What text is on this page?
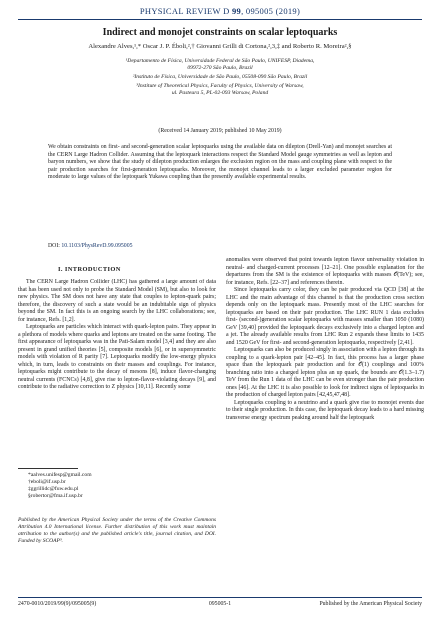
PHYSICAL REVIEW D 99, 095005 (2019)
Indirect and monojet constraints on scalar leptoquarks
Alexandre Alves,¹,* Oscar J. P. Éboli,²,† Giovanni Grilli di Cortona,²,3,‡ and Roberto R. Moreira²,§
¹Departamento de Física, Universidade Federal de São Paulo, UNIFESP, Diadema,
09972-270 São Paulo, Brazil
²Instituto de Física, Universidade de São Paulo, 05508-090 São Paulo, Brazil
³Institute of Theoretical Physics, Faculty of Physics, University of Warsaw,
ul. Pasteura 5, PL-02-093 Warsaw, Poland
(Received 14 January 2019; published 10 May 2019)
We obtain constraints on first- and second-generation scalar leptoquarks using the available data on dilepton (Drell-Yan) and monojet searches at the CERN Large Hadron Collider. Assuming that the leptoquark interactions respect the Standard Model gauge symmetries as well as lepton and baryon numbers, we show that the study of dilepton production enlarges the exclusion region on the mass and coupling plane with respect to the pair production searches for first-generation leptoquarks. Moreover, the monojet channel leads to a larger excluded parameter region for moderate to large values of the leptoquark Yukawa coupling than the presently available experimental results.
DOI: 10.1103/PhysRevD.99.095005
I. INTRODUCTION

The CERN Large Hadron Collider (LHC) has gathered a large amount of data that has been used not only to probe the Standard Model (SM), but also to look for new physics. The SM does not have any state that couples to lepton-quark pairs; therefore, the discovery of such a state would be an indubitable sign of physics beyond the SM. In fact this is an ongoing search by the LHC collaborations; see, for instance, Refs. [1,2].

Leptoquarks are particles which interact with quark-lepton pairs. They appear in a plethora of models where quarks and leptons are treated on the same footing. The first appearance of leptoquarks was in the Pati-Salam model [3,4] and they are also present in grand unified theories [5], composite models [6], or in supersymmetric models with violation of R parity [7]. Leptoquarks modify the low-energy physics which, in turn, leads to constraints on their masses and couplings. For instance, leptoquarks might contribute to the decay of mesons [8], induce flavor-changing neutral currents (FCNCs) [4,8], give rise to lepton-flavor-violating decays [9], and contribute to the radiative correction to Z physics [10,11]. Recently some

anomalies were observed that point towards lepton flavor universality violation in neutral- and charged-current processes [12–21]. One possible explanation for the departures from the SM is the existence of leptoquarks with masses 𝒪(TeV); see, for instance, Refs. [22–37] and references therein.

Since leptoquarks carry color, they can be pair produced via QCD [38] at the LHC and the main advantage of this channel is that the production cross section depends only on the leptoquark mass. Presently most of the LHC searches for leptoquarks are based on their pair production. The LHC RUN 1 data excludes first- (second-)generation scalar leptoquarks with masses smaller than 1050 (1080) GeV [39,40] provided the leptoquark decays exclusively into a charged lepton and a jet. The already available results from LHC Run 2 expands these limits to 1435 and 1520 GeV for first- and second-generation leptoquarks, respectively [2,41].

Leptoquarks can also be produced singly in association with a lepton through its coupling to a quark-lepton pair [42–45]. In fact, this process has a larger phase space than the leptoquark pair production and for 𝒪(1) couplings and 100% branching ratio into a charged lepton plus an up quark, the bounds are 𝒪(1.3–1.7) TeV from the Run 1 data of the LHC can be even stronger than the pair production ones [46]. At the LHC it is also possible to look for indirect signs of leptoquarks in the production of charged lepton pairs [42,45,47,48].

Leptoquarks coupling to a neutrino and a quark give rise to monojet events due to their single production. In this case, the leptoquark decay leads to a hard missing transverse energy spectrum peaking around half the leptoquark

*aalves.unifesp@gmail.com
†eboli@if.usp.br
‡ggrillidc@fuw.edu.pl
§robertor@fma.if.usp.br
Published by the American Physical Society under the terms of the Creative Commons Attribution 4.0 International license. Further distribution of this work must maintain attribution to the author(s) and the published article's title, journal citation, and DOI. Funded by SCOAP³.
2470-0010/2019/99(9)/095005(9)	095005-1	Published by the American Physical Society
